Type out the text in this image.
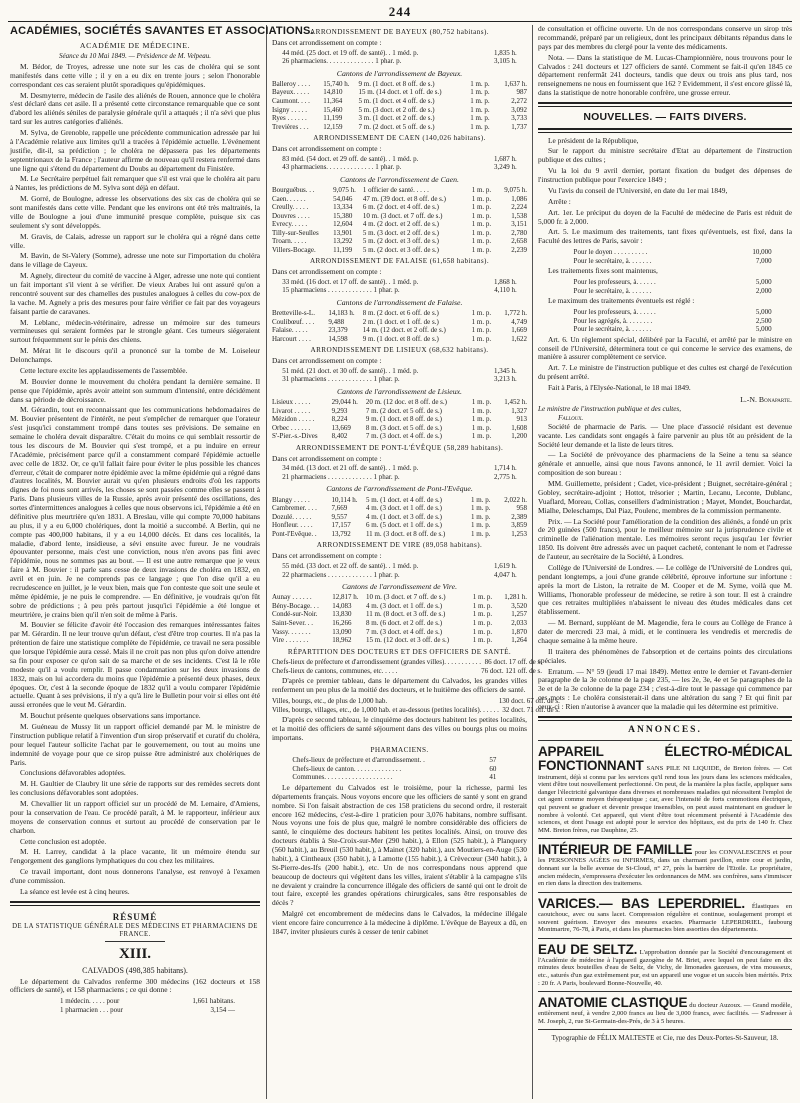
244
ACADÉMIES, SOCIÉTÉS SAVANTES ET ASSOCIATIONS.
ACADÉMIE DE MÉDECINE.
Séance du 10 Mai 1849. — Présidence de M. Velpeau.

M. Bédor, de Troyes, adresse une note sur les cas de choléra qui se sont manifestés dans cette ville ; il y en a eu dix en trente jours ; selon l'honorable correspondant ces cas seraient plutôt sporadiques qu'épidémiques.

M. Desmyterre, médecin de l'asile des aliénés de Rouen, annonce que le choléra s'est déclaré dans cet asile. Il a présenté cette circonstance remarquable que ce sont d'abord les aliénés séniles de paralysie générale qu'il a attaqués ; il n'a sévi que plus tard sur les autres catégories d'aliénés.

M. Sylva, de Grenoble, rappelle une précédente communication adressée par lui à l'Académie relative aux limites qu'il a tracées à l'épidémie actuelle. L'événement justifie, dit-il, sa prédiction ; le choléra ne dépassera pas les départements septentrionaux de la France ; l'auteur affirme de nouveau qu'il restera renfermé dans une ligne qui s'étend du département du Doubs au département du Finistère.

M. Le Secrétaire perpétuel fait remarquer que s'il est vrai que le choléra ait paru à Nantes, les prédictions de M. Sylva sont déjà en défaut.

M. Gorré, de Boulogne, adresse les observations des six cas de choléra qui se sont manifestés dans cette ville. Pendant que les environs ont été très maltraités, la ville de Boulogne a joui d'une immunité presque complète, puisque six cas seulement s'y sont développés.

M. Gravis, de Calais, adresse un rapport sur le choléra qui a régné dans cette ville.

M. Bavin, de St-Valery (Somme), adresse une note sur l'importation du choléra dans le village de Cayeux.

M. Agnely, directeur du comité de vaccine à Alger, adresse une note qui contient un fait important s'il vient à se vérifier. De vieux Arabes lui ont assuré qu'on a rencontré souvent sur des chamelles des pustules analogues à celles du cow-pox de la vache. M. Agnely a pris des mesures pour faire vérifier ce fait par des voyageurs faisant partie de caravanes.

M. Leblanc, médecin-vétérinaire, adresse un mémoire sur des tumeurs vermineuses qui seraient formées par le strongle géant. Ces tumeurs siégeraient surtout fréquemment sur le pénis des chiens.

M. Mérat lit le discours qu'il a prononcé sur la tombe de M. Loiseleur Delonchamps.

Cette lecture excite les applaudissements de l'assemblée.

M. Bouvier donne le mouvement du choléra pendant la dernière semaine. Il pense que l'épidémie, après avoir atteint son summum d'intensité, entre décidément dans sa période de décroissance.

M. Gérardin, tout en reconnaissant que les communications hebdomadaires de M. Bouvier présentent de l'intérêt, ne peut s'empêcher de remarquer que l'orateur s'est jusqu'ici constamment trompé dans toutes ses prévisions. De semaine en semaine le choléra devait disparaître. C'était du moins ce qui semblait ressortir de tous les discours de M. Bouvier qui s'est trompé, et a pu induire en erreur l'Académie, précisément parce qu'il a constamment comparé l'épidémie actuelle avec celle de 1832. Or, ce qu'il fallait faire pour éviter le plus possible les chances d'erreur, c'était de comparer notre épidémie avec la même épidémie qui a régné dans d'autres localités, M. Bouvier aurait vu qu'en plusieurs endroits d'où les rapports dignes de foi nous sont arrivés, les choses se sont passées comme elles se passent à Paris. Dans plusieurs villes de la Russie, après avoir présenté des oscillations, des sortes d'intermittences analogues à celles que nous observons ici, l'épidémie a été en définitive plus meurtrière qu'en 1831. A Breslau, ville qui compte 70,000 habitans au plus, il y a eu 6,000 cholériques, dont la moitié a succombé. A Berlin, qui ne compte pas 400,000 habitans, il y a eu 14,000 décès. Et dans ces localités, la maladie, d'abord lente, insidieuse, a sévi ensuite avec fureur. Je ne voudrais épouvanter personne, mais c'est une conviction, nous n'en avons pas fini avec l'épidémie, nous ne sommes pas au bout. — Il est une autre remarque que je veux faire à M. Bouvier : il parle sans cesse de deux invasions de choléra en 1832, en avril et en juin. Je ne comprends pas ce langage ; que l'on dise qu'il a eu recrudescence en juillet, je le veux bien, mais que l'on conteste que soit une seule et même épidémie, je ne puis le comprendre. — En définitive, je voudrais qu'on fût sobre de prédictions ; à peu près partout jusqu'ici l'épidémie a été longue et meurtrière, je crains bien qu'il n'en soit de même à Paris.

M. Bouvier se félicite d'avoir été l'occasion des remarques intéressantes faites par M. Gérardin. Il ne leur trouve qu'un défaut, c'est d'être trop courtes. Il n'a pas la prétention de faire une statistique complète de l'épidémie, ce travail ne sera possible que lorsque l'épidémie aura cessé. Mais il ne croit pas non plus qu'on doive attendre sa fin pour exposer ce qu'on sait de sa marche et de ses incidents. C'est là le rôle modeste qu'il a voulu remplir. Il passe condamnation sur les deux invasions de 1832, mais on lui accordera du moins que l'épidémie a présenté deux phases, deux époques. Or, c'est à la seconde époque de 1832 qu'il a voulu comparer l'épidémie actuelle. Quant à ses prévisions, il n'y a qu'à lire le Bulletin pour voir si elles ont été aussi erronées que le veut M. Gérardin.

M. Bouchut présente quelques observations sans importance.

M. Guéneau de Mussy lit un rapport officiel demandé par M. le ministre de l'instruction publique relatif à l'invention d'un sirop préservatif et curatif du choléra, pour lequel l'auteur sollicite l'achat par le gouvernement, ou tout au moins une indemnité de voyage pour que ce sirop puisse être administré aux cholériques de Paris.

Conclusions défavorables adoptées.

M. H. Gaultier de Claubry lit une série de rapports sur des remèdes secrets dont les conclusions défavorables sont adoptées.

M. Chevallier lit un rapport officiel sur un procédé de M. Lemaire, d'Amiens, pour la conservation de l'eau. Ce procédé paraît, à M. le rapporteur, inférieur aux moyens de conservation connus et surtout au procédé de conservation par le charbon.

Cette conclusion est adoptée.

M. H. Larrey, candidat à la place vacante, lit un mémoire étendu sur l'engorgement des ganglions lymphatiques du cou chez les militaires.

Ce travail important, dont nous donnerons l'analyse, est renvoyé à l'examen d'une commission.

La séance est levée est à cinq heures.

RÉSUMÉ
DE LA STATISTIQUE GÉNÉRALE DES MÉDECINS ET PHARMACIENS DE FRANCE.
XIII.
CALVADOS (498,385 habitans).

Le département du Calvados renferme 300 médecins (162 docteurs et 158 officiers de santé), et 158 pharmaciens ; ce qui donne :

1 médecin. . . . . pour	1,661 habitans.
1 pharmacien . . . pour	3,154 —
ARRONDISSEMENT DE BAYEUX (80,752 habitans).
Dans cet arrondissement on compte :
44 méd. (25 doct. et 19 off. de santé). . 1 méd. p.	1,835 h.
26 pharmaciens. . . . . . . . . . . . . . 1 phar. p.	3,105 h.
Cantons de l'arrondissement de Bayeux.
Balleroy . . . .	15,740 h.	9 m. (1 doct. et 8 off. de s.)	1 m. p.	1,637 h.
Bayeux. . . . .	14,810	15 m. (14 doct. et 1 off. de s.)	1 m. p.	987
Caumont. . . .	11,364	5 m. (1 doct. et 4 off. de s.)	1 m. p.	2,272
Isigny . . . . .	15,460	5 m. (3 doct. et 2 off. de s.)	1 m. p.	3,092
Ryes . . . . . .	11,199	3 m. (1 doct. et 2 off. de s.)	1 m. p.	3,733
Trevières . . .	12,159	7 m. (2 doct. et 5 off. de s.)	1 m. p.	1,737
ARRONDISSEMENT DE CAEN (140,026 habitans).
Dans cet arrondissement on compte :
83 méd. (54 doct. et 29 off. de santé). . 1 méd. p.	1,687 h.
43 pharmaciens. . . . . . . . . . . . . . 1 phar. p.	3,249 h.
Cantons de l'arrondissement de Caen.
Bourguébus. . .	9,075 h.	1 officier de santé. . . . .	1 m. p.	9,075 h.
Caen. . . . . .	54,046	47 m. (39 doct. et 8 off. de s.)	1 m. p.	1,086
Creully. . . . .	13,334	6 m. (2 doct. et 4 off. de s.)	1 m. p.	2,224
Douvres . . . .	15,380	10 m. (3 doct. et 7 off. de s.)	1 m. p.	1,538
Evrecy. . . . .	12,604	4 m. (2 doct. et 2 off. de s.)	1 m. p.	3,151
Tilly-sur-Seulles	13,901	5 m. (3 doct. et 2 off. de s.)	1 m. p.	2,780
Troarn. . . . .	13,292	5 m. (2 doct. et 3 off. de s.)	1 m. p.	2,658
Villers-Bocage.	11,199	5 m. (2 doct. et 3 off. de s.)	1 m. p.	2,239
ARRONDISSEMENT DE FALAISE (61,658 habitans).
Dans cet arrondissement on compte :
33 méd. (16 doct. et 17 off. de santé). . 1 méd. p.	1,868 h.
15 pharmaciens . . . . . . . . . . . . . 1 phar. p.	4,110 h.
Cantons de l'arrondissement de Falaise.
Bretteville-s-L.	14,183 h.	8 m. (2 doct. et 6 off. de s.)	1 m. p.	1,772 h.
Coulibœuf. . . .	9,488	2 m. (1 doct. et 1 off. de s.)	1 m. p.	4,749
Falaise. . . . .	23,379	14 m. (12 doct. et 2 off. de s.)	1 m. p.	1,669
Harcourt . . . .	14,598	9 m. (1 doct. et 8 off. de s.)	1 m. p.	1,622
ARRONDISSEMENT DE LISIEUX (68,632 habitans).
Dans cet arrondissement on compte :
51 méd. (21 doct. et 30 off. de santé). . 1 méd. p.	1,345 h.
31 pharmaciens . . . . . . . . . . . . . 1 phar. p.	3,213 h.
Cantons de l'arrondissement de Lisieux.
Lisieux . . . . .	29,044 h.	20 m. (12 doc. et 8 off. de s.)	1 m. p.	1,452 h.
Livarot . . . . .	9,293	7 m. (2 doct. et 5 off. de s.)	1 m. p.	1,327
Mézidon . . . . .	8,224	9 m. (1 doct. et 8 off. de s.)	1 m. p.	913
Orbec . . . . . .	13,669	8 m. (3 doct. et 5 off. de s.)	1 m. p.	1,608
S'-Pier.-s.-Dives	8,402	7 m. (3 doct. et 4 off. de s.)	1 m. p.	1,200
ARRONDISSEMENT DE PONT-L'ÉVÊQUE (58,289 habitans).
Dans cet arrondissement on compte :
34 méd. (13 doct. et 21 off. de santé). . 1 méd. p.	1,714 h.
21 pharmaciens . . . . . . . . . . . . . 1 phar. p.	2,775 h.
Cantons de l'arrondissement de Pont-l'Evêque.
Blangy . . . . .	10,114 h.	5 m. (1 doct. et 4 off. de s.)	1 m. p.	2,022 h.
Cambremer. . . .	7,669	4 m. (3 doct. et 1 off. de s.)	1 m. p.	958
Dozulé. . . . . .	9,557	4 m. (1 doct. et 3 off. de s.)	1 m. p.	2,389
Honfleur. . . . .	17,157	6 m. (5 doct. et 1 off. de s.)	1 m. p.	3,859
Pont-l'Evêque. .	13,792	11 m. (3 doct. et 8 off. de s.)	1 m. p.	1,253
ARRONDISSEMENT DE VIRE (89,058 habitans).
Dans cet arrondissement on compte :
55 méd. (33 doct. et 22 off. de santé). . 1 méd. p.	1,619 h.
22 pharmaciens . . . . . . . . . . . . . 1 phar. p.	4,047 h.
Cantons de l'arrondissement de Vire.
Aunay . . . . . .	12,817 h.	10 m. (3 doct. et 7 off. de s.)	1 m. p.	1,281 h.
Bény-Bocage. . .	14,083	4 m. (3 doct. et 1 off. de s.)	1 m. p.	3,520
Condé-sur-Noir.	13,830	11 m. (8 doct. et 3 off. de s.)	1 m. p.	1,257
Saint-Sever. . .	16,266	8 m. (6 doct. et 2 off. de s.)	1 m. p.	2,033
Vassy. . . . . . .	13,090	7 m. (3 doct. et 4 off. de s.)	1 m. p.	1,870
Vire . . . . . . .	18,962	15 m. (12 doct. et 3 off. de s.)	1 m. p.	1,264
RÉPARTITION DES DOCTEURS ET DES OFFICIERS DE SANTÉ.
Chefs-lieux de préfecture et d'arrondissement (grandes villes). . . . . . . . . . .	86 doct. 17 off. de s.
Chefs-lieux de cantons, communes, etc. . . . .	76 doct. 121 off. de s.

D'après ce premier tableau, dans le département du Calvados, les grandes villes renferment un peu plus de la moitié des docteurs, et le huitième des officiers de santé.

Villes, bourgs, etc., de plus de 1,000 hab.	130 doct. 67 off. de s.
Villes, bourgs, villages, etc., de 1,000 hab. et au-dessous (petites localités). . . . . .	32 doct. 71 off. de s.

D'après ce second tableau, le cinquième des docteurs habitent les petites localités, et la moitié des officiers de santé séjournent dans des villes ou bourgs plus ou moins importans.

PHARMACIENS.
Chefs-lieux de préfecture et d'arrondissement. .	57
Chefs-lieux de canton. . . . . . . . . . . . . .	60
Communes. . . . . . . . . . . . . . . . . . . .	41

Le département du Calvados est le troisième, pour la richesse, parmi les départements français. Nous voyons encore que les officiers de santé y sont en grand nombre. Si l'on faisait abstraction de ces 158 praticiens du second ordre, il resterait encore 162 médecins, c'est-à-dire 1 praticien pour 3,076 habitans, nombre suffisant. Nous voyons une fois de plus que, malgré le nombre considérable des officiers de santé, le cinquième des docteurs habitent les petites localités. Ainsi, on trouve des docteurs établis à Ste-Croix-sur-Mer (290 habit.), à Ellon (525 habit.), à Planquery (560 habit.), au Breuil (530 habit.), à Mainet (320 habit.), aux Moutiers-en-Auge (530 habit.), à Cintheaux (350 habit.), à Lamotte (155 habit.), à Crèvecœur (340 habit.), à St-Pierre-des-Ifs (200 habit.), etc. Un de nos correspondans nous apprend que beaucoup de docteurs qui végètent dans les villes, iraient s'établir à la campagne s'ils ne devaient y craindre la concurrence illégale des officiers de santé qui ont le droit de tout faire, excepté les grandes opérations chirurgicales, sans être responsables de décès ?

Malgré cet encombrement de médecins dans le Calvados, la médecine illégale vient encore faire concurrence à la médecine à diplôme. L'évêque de Bayeux a dû, en 1847, inviter plusieurs curés à cesser de tenir cabinet

de consultation et officine ouverte. Un de nos correspondans conserve un sirop très recommandé, préparé par un religieux, dont les principaux débitants répandus dans le pays par des membres du clergé pour la vente des médicaments.

Nota. — Dans la statistique de M. Lucas-Championnière, nous trouvons pour le Calvados : 241 docteurs et 127 officiers de santé. Comment se fait-il qu'en 1845 ce département renfermât 241 docteurs, tandis que deux ou trois ans plus tard, nos renseignemens ne nous en fournissent que 162 ? Evidemment, il s'est encore glissé là, dans la statistique de notre honorable confrère, une grosse erreur.

NOUVELLES. — FAITS DIVERS.

Le président de la République,

Sur le rapport du ministre secrétaire d'Etat au département de l'instruction publique et des cultes ;

Vu la loi du 9 avril dernier, portant fixation du budget des dépenses de l'instruction publique pour l'exercice 1849 ;

Vu l'avis du conseil de l'Université, en date du 1er mai 1849,

Arrête :

Art. 1er. Le préciput du doyen de la Faculté de médecine de Paris est réduit de 5,000 fr. à 2,000.

Art. 5. Le maximum des traitements, tant fixes qu'éventuels, est fixé, dans la Faculté des lettres de Paris, savoir :

Pour le doyen . . . . . . . . . .	10,000
Pour le secrétaire, à. . . . . . .	7,000

Les traitements fixes sont maintenus,

Pour les professeurs, à. . . . . .	5,000
Pour le secrétaire, à. . . . . . .	2,000

Le maximum des traitements éventuels est réglé :

Pour les professeurs, à. . . . . .	5,000
Pour les agrégés, à. . . . . . . .	2,500
Pour le secrétaire, à. . . . . . .	5,000

Art. 6. Un règlement spécial, délibéré par la Faculté, et arrêté par le ministre en conseil de l'Université, déterminera tout ce qui concerne le service des examens, de manière à assurer complètement ce service.

Art. 7. Le ministre de l'instruction publique et des cultes est chargé de l'exécution du présent arrêté.

Fait à Paris, à l'Elysée-National, le 18 mai 1849.

L.-N. Bonaparte.
Le ministre de l'instruction publique et des cultes,
Falloux.

Société de pharmacie de Paris. — Une place d'associé résidant est devenue vacante. Les candidats sont engagés à faire parvenir au plus tôt au président de la Société leur demande et la liste de leurs titres.

— La Société de prévoyance des pharmaciens de la Seine a tenu sa séance générale et annuelle, ainsi que nous l'avons annoncé, le 11 avril dernier. Voici la composition de son bureau :

MM. Guillemette, président ; Cadet, vice-président ; Buignet, secrétaire-général ; Gobley, secrétaire-adjoint ; Hottot, trésorier ; Martin, Lecanu, Leconte, Dublanc, Vuaflard, Moreau, Collas, conseillers d'administration ; Mayet, Mondet, Bouchardat, Mialhe, Deleschamps, Dal Piaz, Poulenc, membres de la commission permanente.

Prix. — La Société pour l'amélioration de la condition des aliénés, a fondé un prix de 20 guinées (500 francs), pour le meilleur mémoire sur la jurisprudence civile et criminelle de l'aliénation mentale. Les mémoires seront reçus jusqu'au 1er février 1850. Ils doivent être adressés avec un paquet cacheté, contenant le nom et l'adresse de l'auteur, au secrétaire de la Société, à Londres.

Collège de l'Université de Londres. — Le collège de l'Université de Londres qui, pendant longtemps, a joui d'une grande célébrité, éprouve infortune sur infortune : après la mort de Liston, la retraite de M. Cooper et de M. Syme, voilà que M. Williams, l'honorable professeur de médecine, se retire à son tour. Il est à craindre que ces retraites multipliées n'abaissent le niveau des études médicales dans cet établissement.

— M. Bernard, suppléant de M. Magendie, fera le cours au Collège de France à dater de mercredi 23 mai, à midi, et le continuera les vendredis et mercredis de chaque semaine à la même heure.

Il traitera des phénomènes de l'absorption et de certains points des circulations spéciales.

Erratum. — N° 59 (jeudi 17 mai 1849). Mettez entre le dernier et l'avant-dernier paragraphe de la 3e colonne de la page 235, — les 2e, 3e, 4e et 5e paragraphes de la 3e et de la 3e colonne de la page 234 ; c'est-à-dire tout le passage qui commence par ces mots : Le choléra consisterait-il dans une altération du sang ? Et qui finit par ceux-ci : Rien n'autorise à avancer que la maladie qui les détermine est primitive.

ANNONCES.
APPAREIL ÉLECTRO-MÉDICAL FONCTIONNANT SANS PILE NI LIQUIDE, de Breton frères. — Cet instrument, déjà si connu par les services qu'il rend tous les jours dans les sciences médicales, vient d'être tout nouvellement perfectionné. On peut, de la manière la plus facile, appliquer sans danger l'électricité galvanique dans diverses et nombreuses maladies qui nécessitent l'emploi de cet agent comme moyen thérapeutique ; car, avec l'intensité de forts commotions électriques, qui peuvent se graduer et devenir presque insensibles, on peut aussi maintenant en graduer le nombre à volonté. Cet appareil, qui vient d'être tout récemment présenté à l'Académie des sciences, et dont l'usage est adopté pour le service des hôpitaux, est du prix de 140 fr. Chez MM. Breton frères, rue Dauphine, 25.
INTÉRIEUR DE FAMILLE pour les CONVALESCENS et pour les PERSONNES AGÉES ou INFIRMES, dans un charmant pavillon, entre cour et jardin, donnant sur la belle avenue de St-Cloud, n° 27, près la barrière de l'Etoile. Le propriétaire, ancien médecin, s'empressera d'exécuter les ordonnances de MM. ses confrères, sans s'immiscer en rien dans la direction des traitemens.
VARICES.— BAS LEPERDRIEL. Élastiques en caoutchouc, avec ou sans lacet. Compression régulière et continue, soulagement prompt et souvent guérison. Envoyer des mesures exactes. Pharmacie LEPERDRIEL, faubourg Montmartre, 76-78, à Paris, et dans les pharmacies bien assorties des départements.
EAU DE SELTZ. L'approbation donnée par la Société d'encouragement et l'Académie de médecine à l'appareil gazogène de M. Briet, avec lequel on peut faire en dix minutes deux bouteilles d'eau de Seltz, de Vichy, de limonades gazeuses, de vins mousseux, etc., saturés d'un gaz extrêmement pur, est un appareil une vogue et un succès bien mérités. Prix : 20 fr. A Paris, boulevard Bonne-Nouvelle, 40.
ANATOMIE CLASTIQUE du docteur Auzoux. — Grand modèle, entièrement neuf, à vendre 2,000 francs au lieu de 3,000 francs, avec facilités. — S'adresser à M. Joseph, 2, rue St-Germain-des-Prés, de 3 à 5 heures.
Typographie de FÉLIX MALTESTE et Cie, rue des Deux-Portes-St-Sauveur, 18.
